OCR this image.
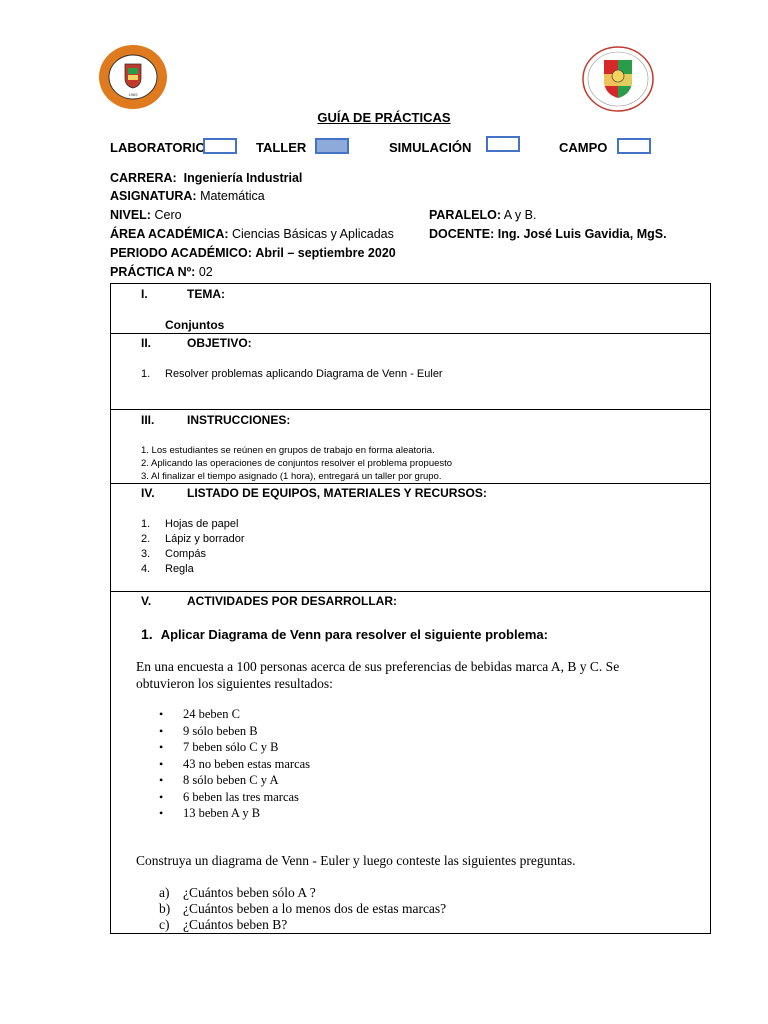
1969
GUÍA DE PRÁCTICAS
LABORATORIO	TALLER	SIMULACIÓN	CAMPO
CARRERA: Ingeniería Industrial
ASIGNATURA: Matemática
NIVEL: Cero
ÁREA ACADÉMICA: Ciencias Básicas y Aplicadas
PERIODO ACADÉMICO: Abril – septiembre 2020
PRÁCTICA Nº: 02
PARALELO: A y B.
DOCENTE: Ing. José Luis Gavidia, MgS.
I.	TEMA:
Conjuntos
II.	OBJETIVO:
1. Resolver problemas aplicando Diagrama de Venn - Euler
III.	INSTRUCCIONES:
1. Los estudiantes se reúnen en grupos de trabajo en forma aleatoria.
2. Aplicando las operaciones de conjuntos resolver el problema propuesto
3. Al finalizar el tiempo asignado (1 hora), entregará un taller por grupo.
IV.	LISTADO DE EQUIPOS, MATERIALES Y RECURSOS:
1. Hojas de papel
2. Lápiz y borrador
3. Compás
4. Regla
V.	ACTIVIDADES POR DESARROLLAR:
1. Aplicar Diagrama de Venn para resolver el siguiente problema:
En una encuesta a 100 personas acerca de sus preferencias de bebidas marca A, B y C. Se
obtuvieron los siguientes resultados:
• 24 beben C
• 9 sólo beben B
• 7 beben sólo C y B
• 43 no beben estas marcas
• 8 sólo beben C y A
• 6 beben las tres marcas
• 13 beben A y B
Construya un diagrama de Venn - Euler y luego conteste las siguientes preguntas.
a) ¿Cuántos beben sólo A ?
b) ¿Cuántos beben a lo menos dos de estas marcas?
c) ¿Cuántos beben B?
